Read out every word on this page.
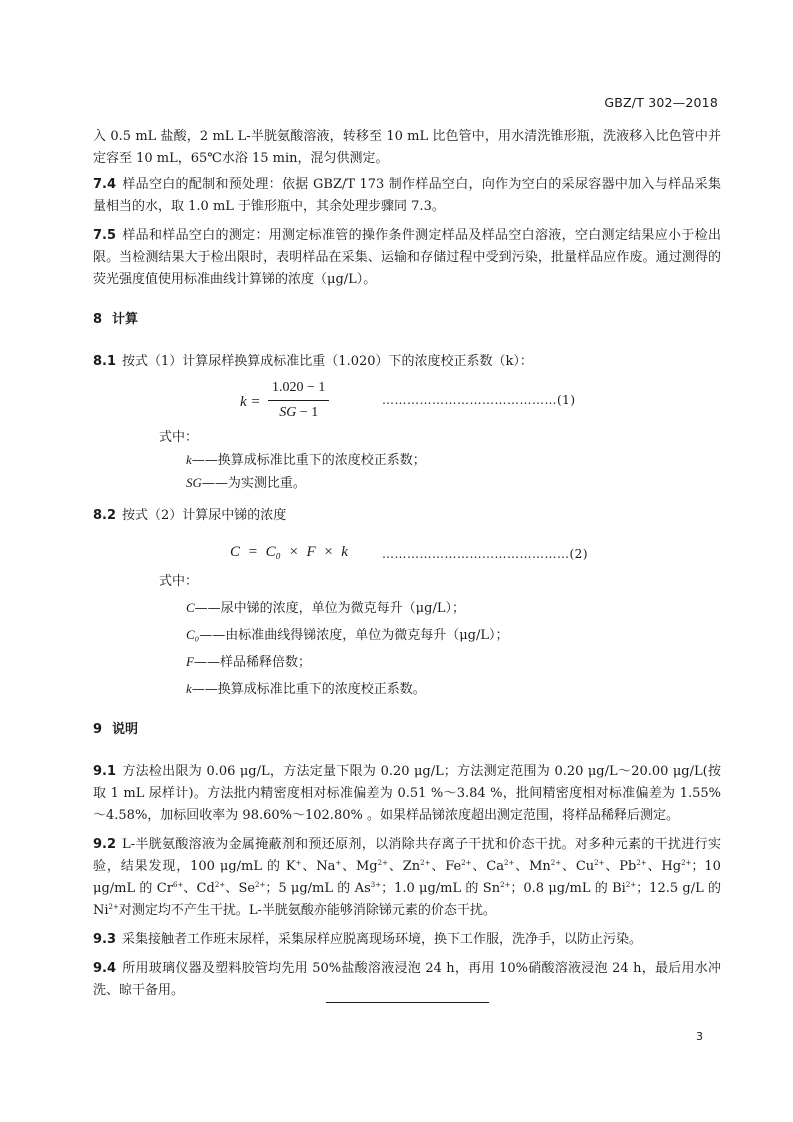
GBZ/T 302—2018

入 0.5 mL 盐酸，2 mL L-半胱氨酸溶液，转移至 10 mL 比色管中，用水清洗锥形瓶，洗液移入比色管中并定容至 10 mL，65℃水浴 15 min，混匀供测定。

7.4 样品空白的配制和预处理：依据 GBZ/T 173 制作样品空白，向作为空白的采尿容器中加入与样品采集量相当的水，取 1.0 mL 于锥形瓶中，其余处理步骤同 7.3。

7.5 样品和样品空白的测定：用测定标准管的操作条件测定样品及样品空白溶液，空白测定结果应小于检出限。当检测结果大于检出限时，表明样品在采集、运输和存储过程中受到污染，批量样品应作废。通过测得的荧光强度值使用标准曲线计算锑的浓度（μg/L）。

8 计算

8.1 按式（1）计算尿样换算成标准比重（1.020）下的浓度校正系数（k）：

$k = \frac{1.020 - 1}{SG - 1}$	……………………………………(1)
式中：
k——换算成标准比重下的浓度校正系数；
SG——为实测比重。

8.2 按式（2）计算尿中锑的浓度

C = C₀ × F × k	………………………………………(2)
式中：
C——尿中锑的浓度，单位为微克每升（μg/L）；
C₀——由标准曲线得锑浓度，单位为微克每升（μg/L）；
F——样品稀释倍数；
k——换算成标准比重下的浓度校正系数。
9 说明

9.1 方法检出限为 0.06 μg/L，方法定量下限为 0.20 μg/L；方法测定范围为 0.20 μg/L～20.00 μg/L(按取 1 mL 尿样计)。方法批内精密度相对标准偏差为 0.51 %～3.84 %，批间精密度相对标准偏差为 1.55%～4.58%，加标回收率为 98.60%～102.80% 。如果样品锑浓度超出测定范围，将样品稀释后测定。

9.2 L-半胱氨酸溶液为金属掩蔽剂和预还原剂，以消除共存离子干扰和价态干扰。对多种元素的干扰进行实验，结果发现，100 μg/mL 的 K+、Na+、$Mg^{2+}$、$Zn^{2+}$、$Fe^{2+}$、$Ca^{2+}$、$Mn^{2+}$、$Cu^{2+}$、$Pb^{2+}$、$Hg^{2+}$；10 μg/mL 的 $Cr^{6+}$、$Cd^{2+}$、$Se^{2+}$；5 μg/mL 的 $As^{3+}$；1.0 μg/mL 的 $Sn^{2+}$；0.8 μg/mL 的 $Bi^{2+}$；12.5 g/L 的 $Ni^{2+}$对测定均不产生干扰。L-半胱氨酸亦能够消除锑元素的价态干扰。

9.3 采集接触者工作班末尿样，采集尿样应脱离现场环境，换下工作服，洗净手，以防止污染。

9.4 所用玻璃仪器及塑料胶管均先用 50%盐酸溶液浸泡 24 h，再用 10%硝酸溶液浸泡 24 h，最后用水冲洗、晾干备用。

3
